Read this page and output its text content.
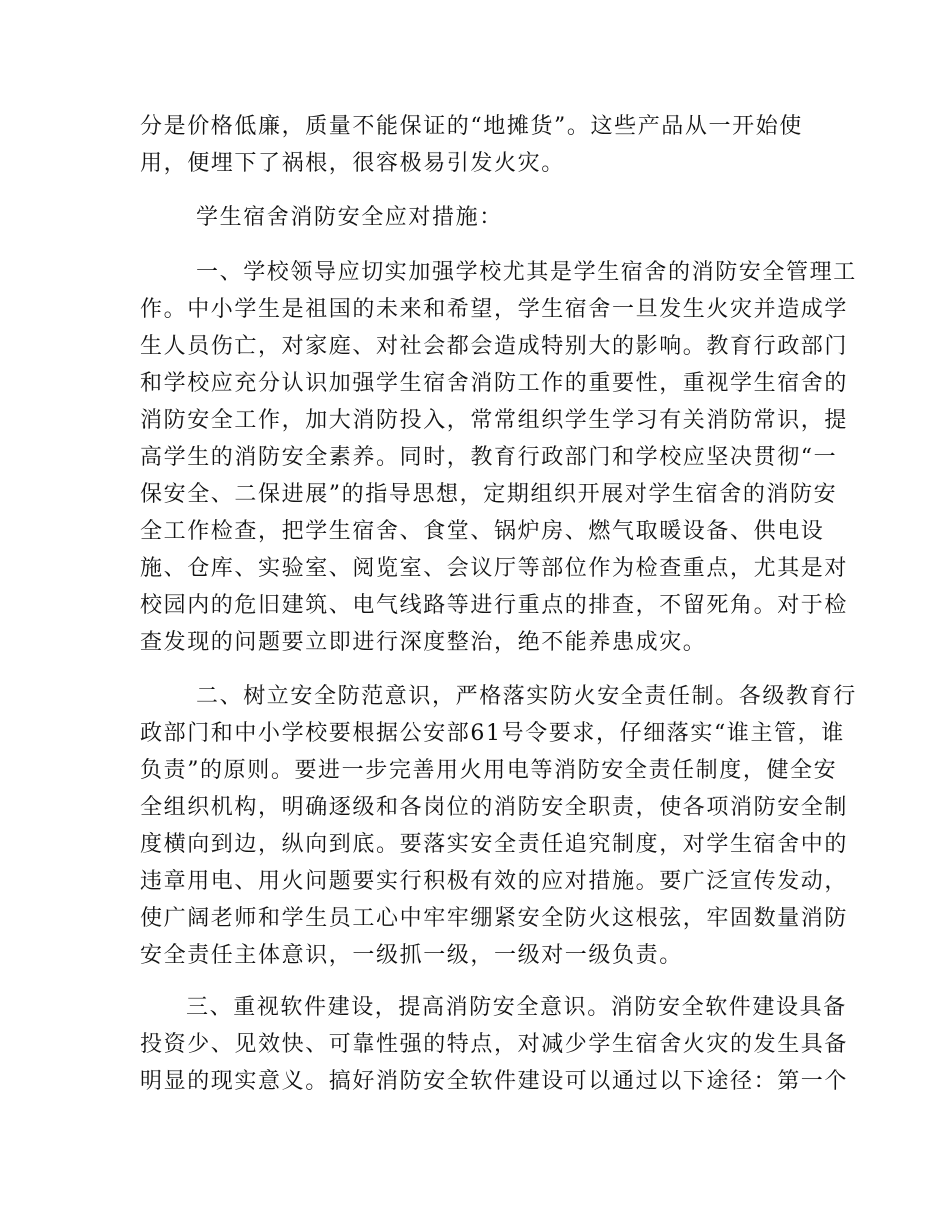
分是价格低廉，质量不能保证的“地摊货”。这些产品从一开始使
用，便埋下了祸根，很容极易引发火灾。
学生宿舍消防安全应对措施：
一、学校领导应切实加强学校尤其是学生宿舍的消防安全管理工
作。中小学生是祖国的未来和希望，学生宿舍一旦发生火灾并造成学
生人员伤亡，对家庭、对社会都会造成特别大的影响。教育行政部门
和学校应充分认识加强学生宿舍消防工作的重要性，重视学生宿舍的
消防安全工作，加大消防投入，常常组织学生学习有关消防常识，提
高学生的消防安全素养。同时，教育行政部门和学校应坚决贯彻“一
保安全、二保进展”的指导思想，定期组织开展对学生宿舍的消防安
全工作检查，把学生宿舍、食堂、锅炉房、燃气取暖设备、供电设
施、仓库、实验室、阅览室、会议厅等部位作为检查重点，尤其是对
校园内的危旧建筑、电气线路等进行重点的排查，不留死角。对于检
查发现的问题要立即进行深度整治，绝不能养患成灾。
二、树立安全防范意识，严格落实防火安全责任制。各级教育行
政部门和中小学校要根据公安部61号令要求，仔细落实“谁主管，谁
负责”的原则。要进一步完善用火用电等消防安全责任制度，健全安
全组织机构，明确逐级和各岗位的消防安全职责，使各项消防安全制
度横向到边，纵向到底。要落实安全责任追究制度，对学生宿舍中的
违章用电、用火问题要实行积极有效的应对措施。要广泛宣传发动，
使广阔老师和学生员工心中牢牢绷紧安全防火这根弦，牢固数量消防
安全责任主体意识，一级抓一级，一级对一级负责。
三、重视软件建设，提高消防安全意识。消防安全软件建设具备
投资少、见效快、可靠性强的特点，对减少学生宿舍火灾的发生具备
明显的现实意义。搞好消防安全软件建设可以通过以下途径：第一个
